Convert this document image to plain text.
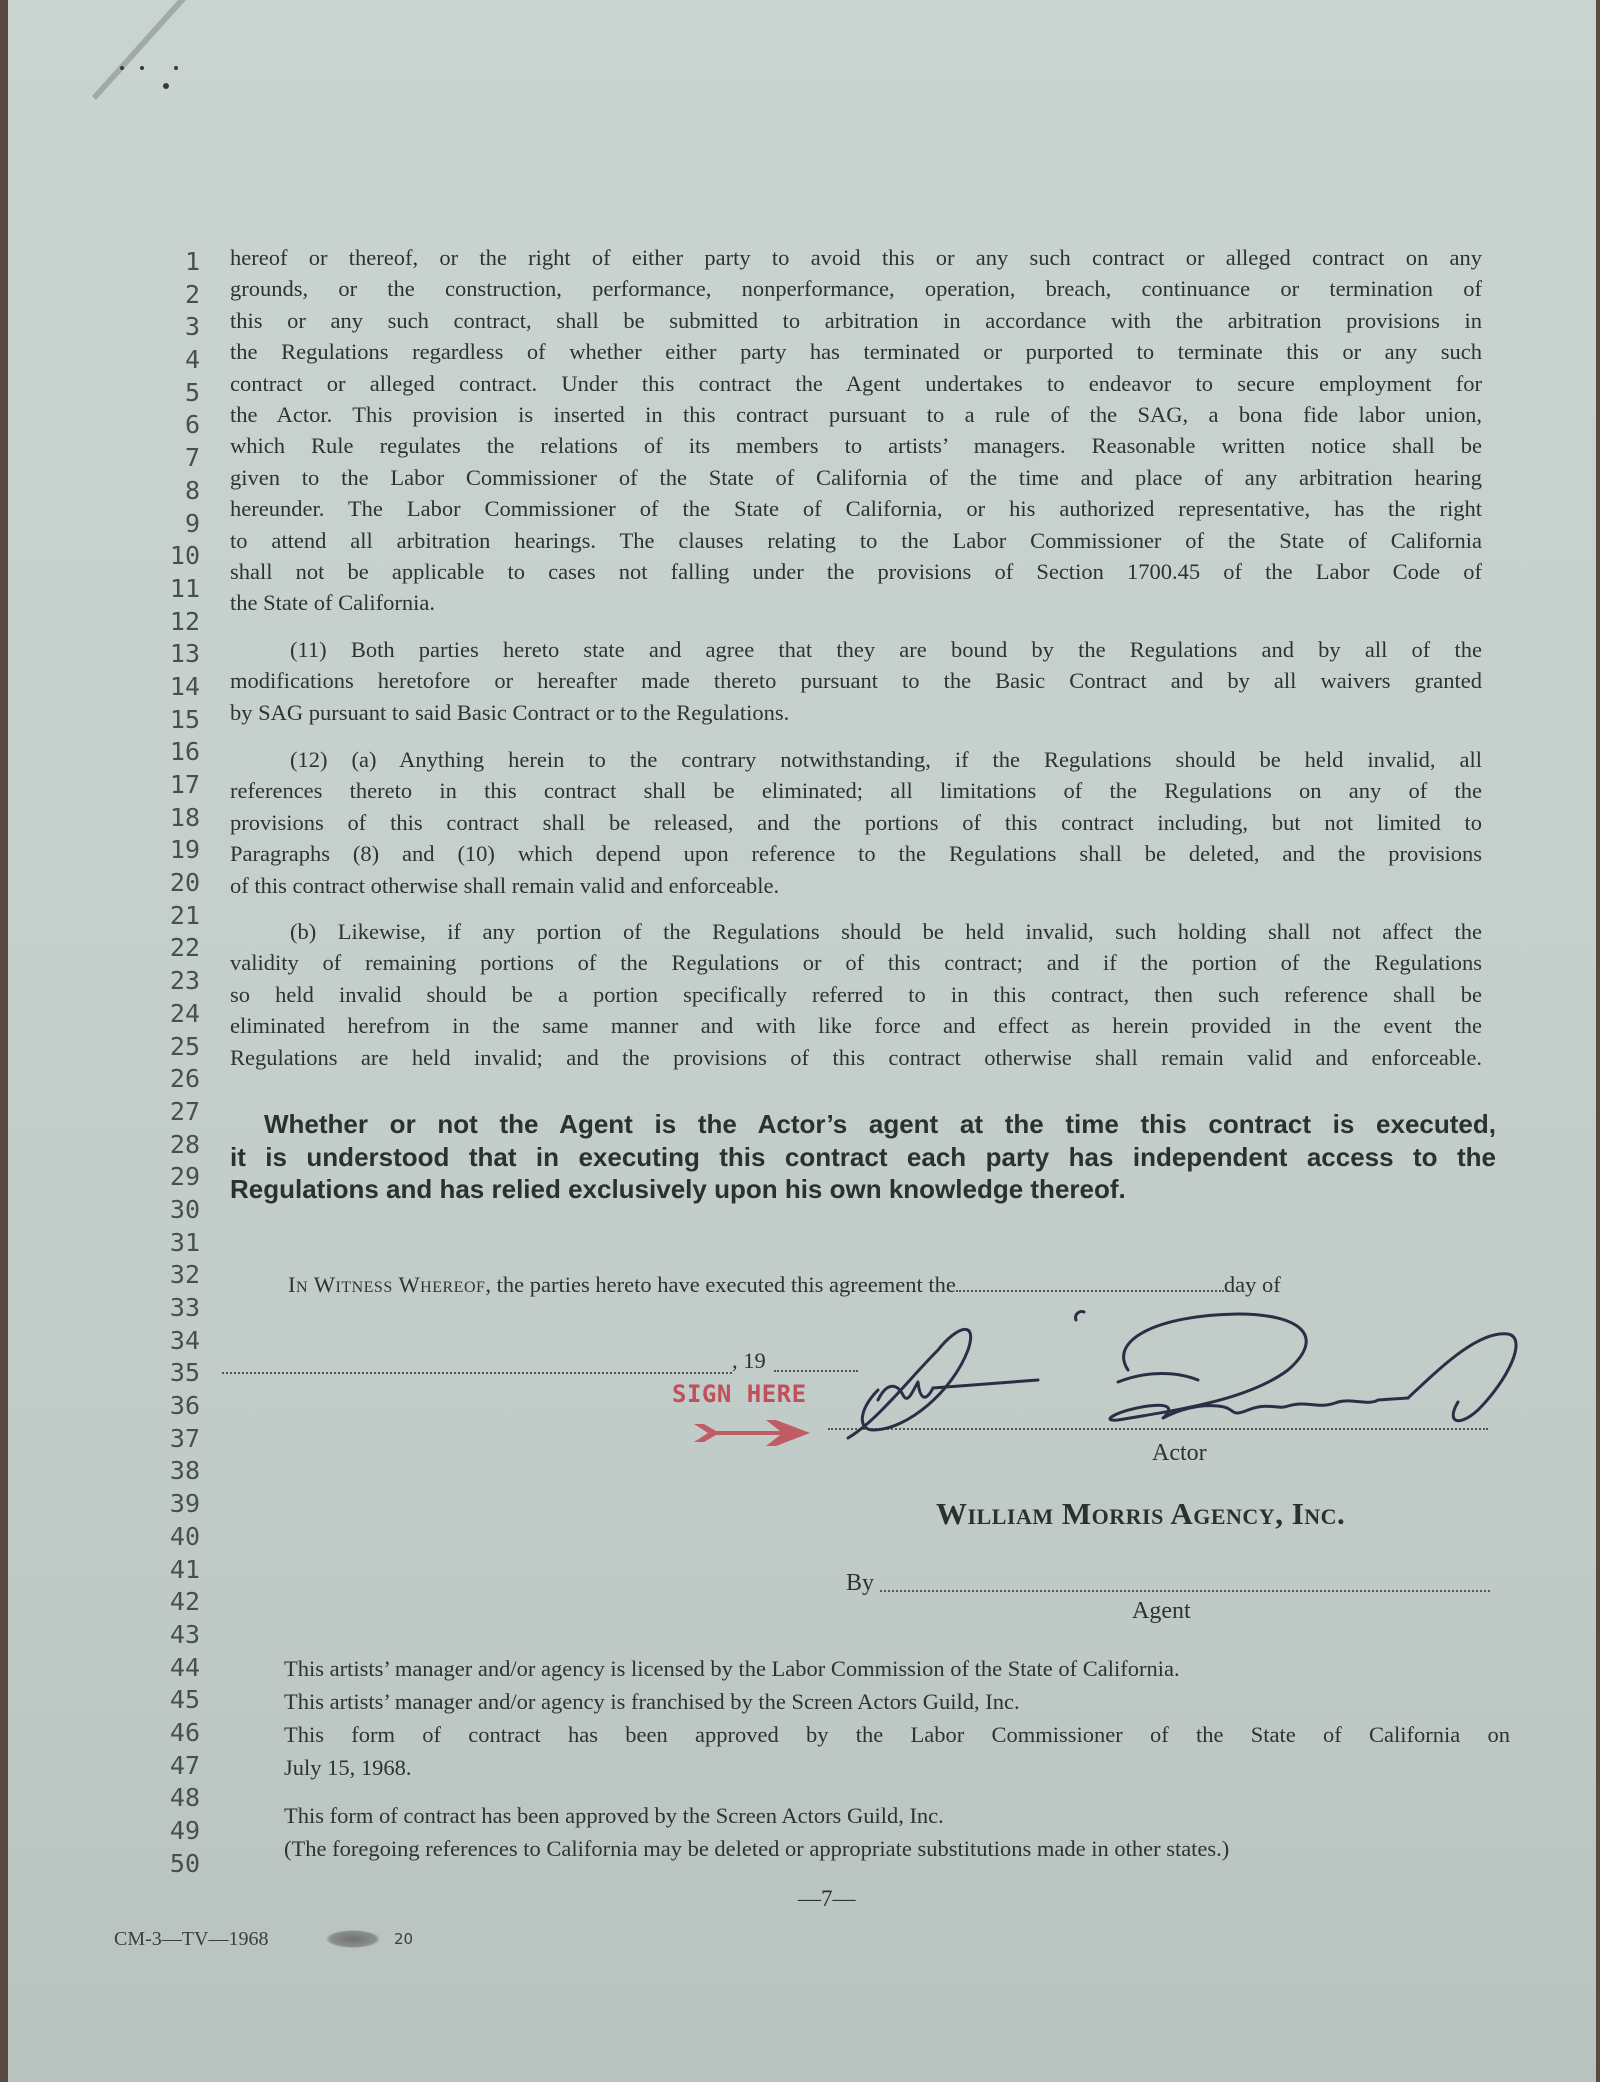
1
2
3
4
5
6
7
8
9
10
11
12
13
14
15
16
17
18
19
20
21
22
23
24
25
26
27
28
29
30
31
32
33
34
35
36
37
38
39
40
41
42
43
44
45
46
47
48
49
50
hereof or thereof, or the right of either party to avoid this or any such contract or alleged contract on any
grounds, or the construction, performance, nonperformance, operation, breach, continuance or termination of
this or any such contract, shall be submitted to arbitration in accordance with the arbitration provisions in
the Regulations regardless of whether either party has terminated or purported to terminate this or any such
contract or alleged contract. Under this contract the Agent undertakes to endeavor to secure employment for
the Actor. This provision is inserted in this contract pursuant to a rule of the SAG, a bona fide labor union,
which Rule regulates the relations of its members to artists’ managers. Reasonable written notice shall be
given to the Labor Commissioner of the State of California of the time and place of any arbitration hearing
hereunder. The Labor Commissioner of the State of California, or his authorized representative, has the right
to attend all arbitration hearings. The clauses relating to the Labor Commissioner of the State of California
shall not be applicable to cases not falling under the provisions of Section 1700.45 of the Labor Code of
the State of California.
(11) Both parties hereto state and agree that they are bound by the Regulations and by all of the
modifications heretofore or hereafter made thereto pursuant to the Basic Contract and by all waivers granted
by SAG pursuant to said Basic Contract or to the Regulations.
(12) (a) Anything herein to the contrary notwithstanding, if the Regulations should be held invalid, all
references thereto in this contract shall be eliminated; all limitations of the Regulations on any of the
provisions of this contract shall be released, and the portions of this contract including, but not limited to
Paragraphs (8) and (10) which depend upon reference to the Regulations shall be deleted, and the provisions
of this contract otherwise shall remain valid and enforceable.
(b) Likewise, if any portion of the Regulations should be held invalid, such holding shall not affect the
validity of remaining portions of the Regulations or of this contract; and if the portion of the Regulations
so held invalid should be a portion specifically referred to in this contract, then such reference shall be
eliminated herefrom in the same manner and with like force and effect as herein provided in the event the
Regulations are held invalid; and the provisions of this contract otherwise shall remain valid and enforceable.
Whether or not the Agent is the Actor’s agent at the time this contract is executed,
it is understood that in executing this contract each party has independent access to the
Regulations and has relied exclusively upon his own knowledge thereof.
In Witness Whereof, the parties hereto have executed this agreement the	day of
, 19
SIGN HERE
Actor
William Morris Agency, Inc.
By
Agent
This artists’ manager and/or agency is licensed by the Labor Commission of the State of California.
This artists’ manager and/or agency is franchised by the Screen Actors Guild, Inc.
This form of contract has been approved by the Labor Commissioner of the State of California on
July 15, 1968.
This form of contract has been approved by the Screen Actors Guild, Inc.
(The foregoing references to California may be deleted or appropriate substitutions made in other states.)
—7—
CM-3—TV—1968	20
